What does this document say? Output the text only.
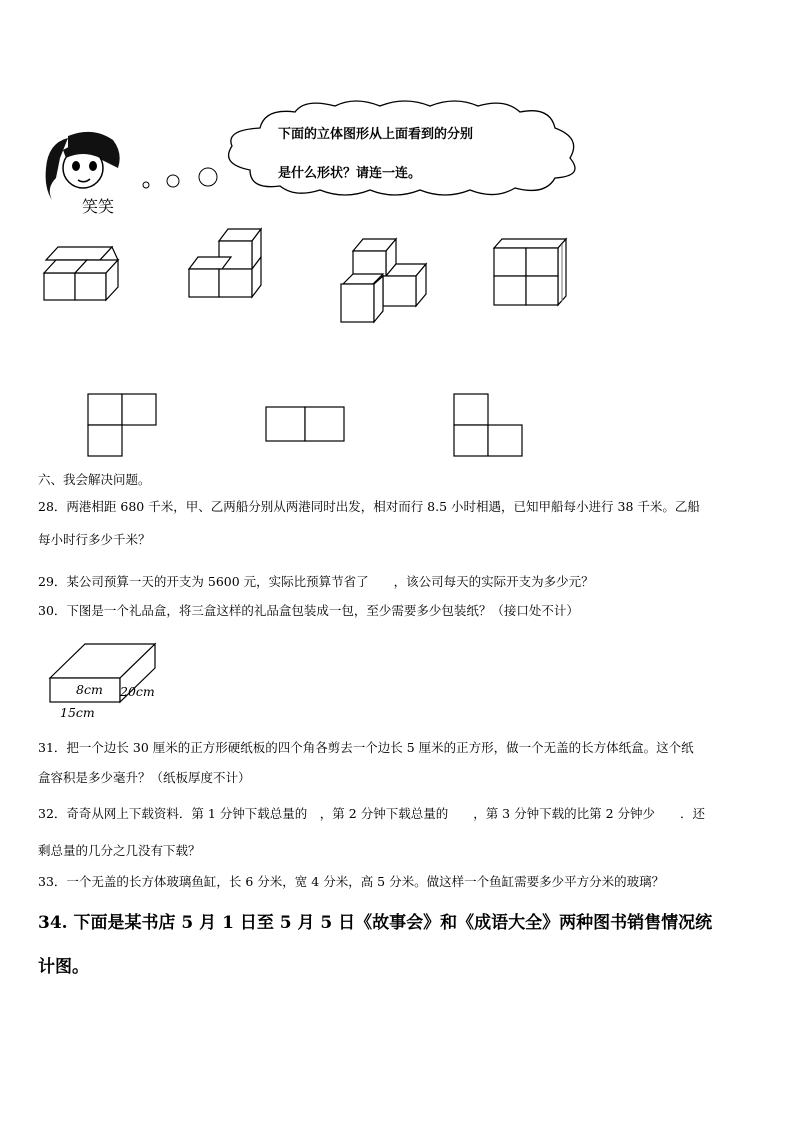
笑笑
下面的立体图形从上面看到的分别
是什么形状？请连一连。
六、我会解决问题。
28．两港相距 680 千米，甲、乙两船分别从两港同时出发，相对而行 8.5 小时相遇，已知甲船每小进行 38 千米。乙船
每小时行多少千米？
29．某公司预算一天的开支为 5600 元，实际比预算节省了　　，该公司每天的实际开支为多少元？
30．下图是一个礼品盒，将三盒这样的礼品盒包装成一包，至少需要多少包装纸？（接口处不计）
8cm 20cm
15cm
31．把一个边长 30 厘米的正方形硬纸板的四个角各剪去一个边长 5 厘米的正方形，做一个无盖的长方体纸盒。这个纸
盒容积是多少毫升？（纸板厚度不计）
32．奇奇从网上下载资料．第 1 分钟下载总量的　，第 2 分钟下载总量的　　，第 3 分钟下载的比第 2 分钟少　　．还
剩总量的几分之几没有下载？
33．一个无盖的长方体玻璃鱼缸，长 6 分米，宽 4 分米，高 5 分米。做这样一个鱼缸需要多少平方分米的玻璃？
34. 下面是某书店 5 月 1 日至 5 月 5 日《故事会》和《成语大全》两种图书销售情况统
计图。
